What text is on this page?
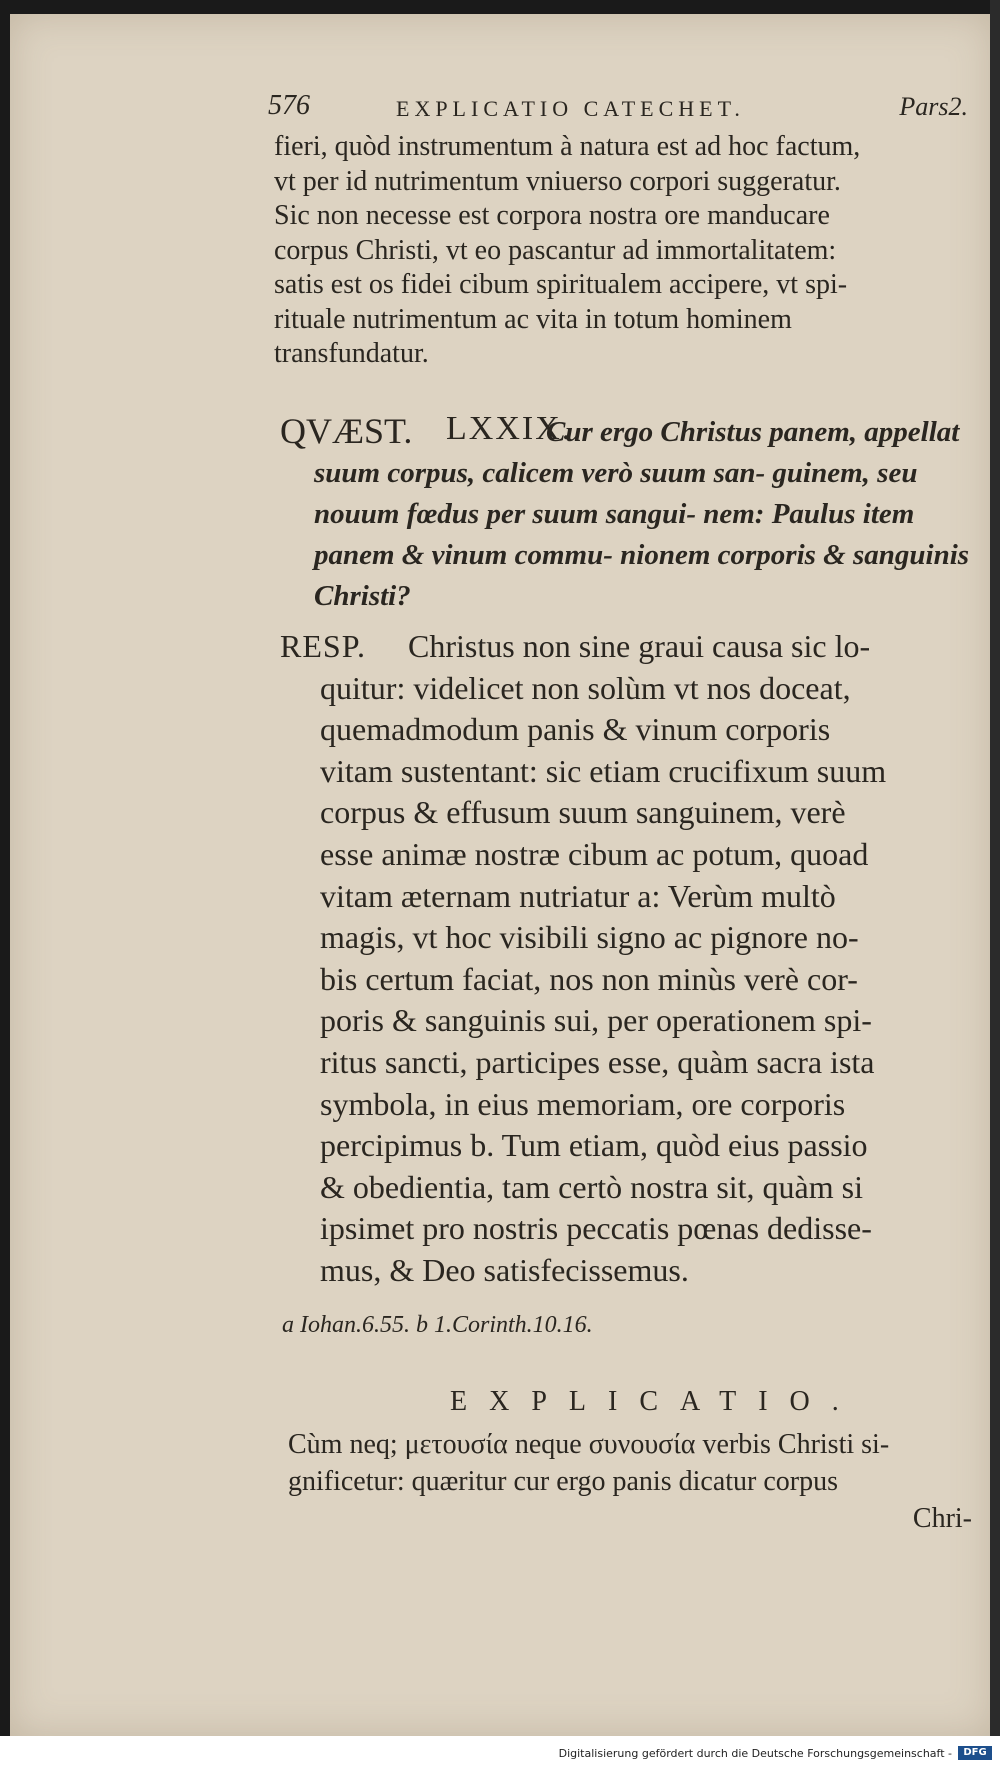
576	EXPLICATIO CATECHET.	Pars2.

fieri, quòd instrumentum à natura est ad hoc factum,
vt per id nutrimentum vniuerso corpori suggeratur.
Sic non necesse est corpora nostra ore manducare
corpus Christi, vt eo pascantur ad immortalitatem:
satis est os fidei cibum spiritualem accipere, vt spi-
rituale nutrimentum ac vita in totum hominem
transfundatur.

QVÆST. LXXIX.
Cur ergo Christus panem, appellat suum corpus, calicem verò suum san- guinem, seu nouum fœdus per suum sangui- nem: Paulus item panem & vinum commu- nionem corporis & sanguinis Christi?
RESP.	Christus non sine graui causa sic lo-
quitur: videlicet non solùm vt nos doceat,
quemadmodum panis & vinum corporis
vitam sustentant: sic etiam crucifixum suum
corpus & effusum suum sanguinem, verè
esse animæ nostræ cibum ac potum, quoad
vitam æternam nutriatur a: Verùm multò
magis, vt hoc visibili signo ac pignore no-
bis certum faciat, nos non minùs verè cor-
poris & sanguinis sui, per operationem spi-
ritus sancti, participes esse, quàm sacra ista
symbola, in eius memoriam, ore corporis
percipimus b. Tum etiam, quòd eius passio
& obedientia, tam certò nostra sit, quàm si
ipsimet pro nostris peccatis pœnas dedisse-
mus, & Deo satisfecissemus.
a Iohan.6.55. b 1.Corinth.10.16.
EXPLICATIO.

Cùm neq; μετουσία neque συνουσία verbis Christi si-
gnificetur: quæritur cur ergo panis dicatur corpus
Chri-

Digitalisierung gefördert durch die Deutsche Forschungsgemeinschaft -	DFG
